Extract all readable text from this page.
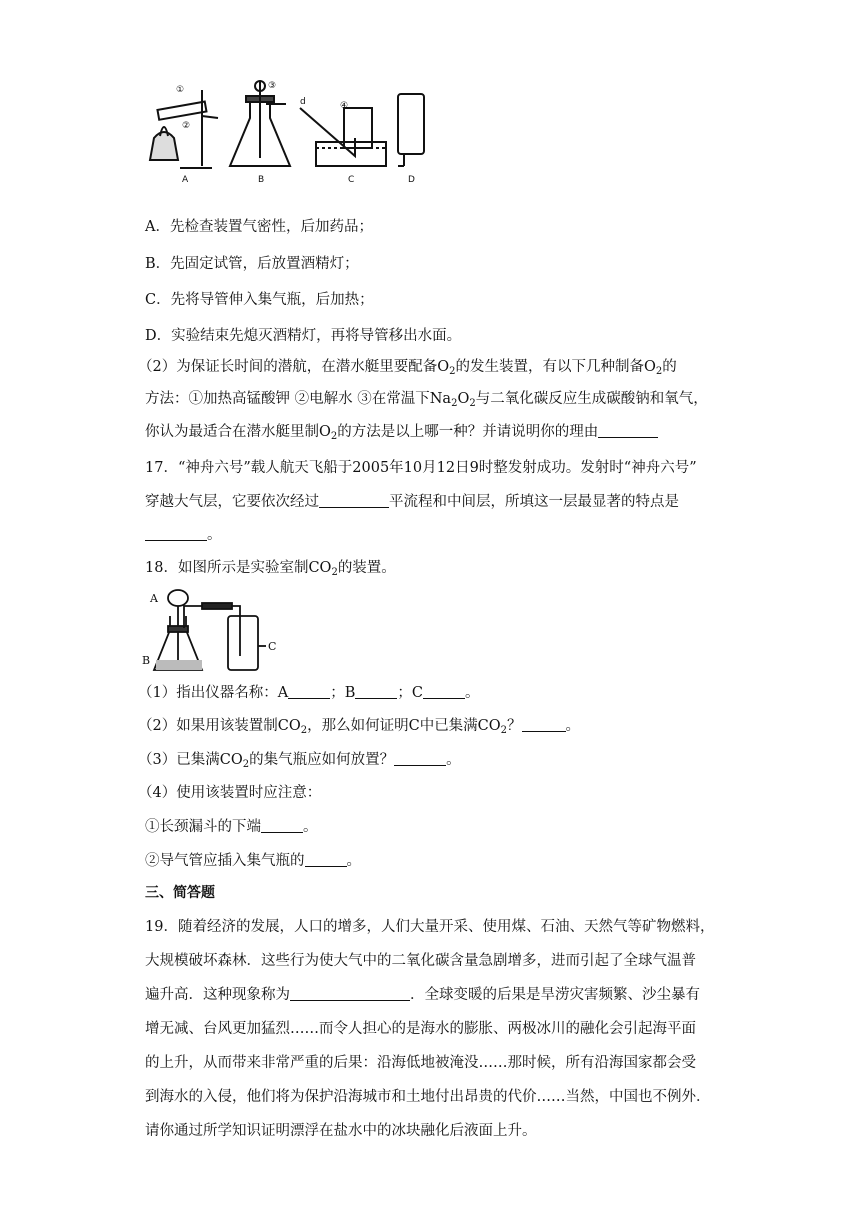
①
②
③
d	④
A	B	C	D
A．先检查装置气密性，后加药品；
B．先固定试管，后放置酒精灯；
C．先将导管伸入集气瓶，后加热；
D．实验结束先熄灭酒精灯，再将导管移出水面。
（2）为保证长时间的潜航，在潜水艇里要配备$O_2$的发生装置，有以下几种制备$O_2$的
方法：①加热高锰酸钾 ②电解水 ③在常温下$Na_2O_2$与二氧化碳反应生成碳酸钠和氧气，
你认为最适合在潜水艇里制$O_2$的方法是以上哪一种？并请说明你的理由
17．“神舟六号”载人航天飞船于2005年10月12日9时整发射成功。发射时“神舟六号”
穿越大气层，它要依次经过	平流程和中间层，所填这一层最显著的特点是
。
18．如图所示是实验室制$CO_2$的装置。
A
B
C
（1）指出仪器名称：A	；B	；C	。
（2）如果用该装置制$CO_2$，那么如何证明C中已集满$CO_2$？	。
（3）已集满$CO_2$的集气瓶应如何放置？	。
（4）使用该装置时应注意：
①长颈漏斗的下端	。
②导气管应插入集气瓶的	。
三、简答题
19．随着经济的发展，人口的增多，人们大量开采、使用煤、石油、天然气等矿物燃料，
大规模破坏森林．这些行为使大气中的二氧化碳含量急剧增多，进而引起了全球气温普
遍升高．这种现象称为	．全球变暖的后果是旱涝灾害频繁、沙尘暴有
增无减、台风更加猛烈……而令人担心的是海水的膨胀、两极冰川的融化会引起海平面
的上升，从而带来非常严重的后果：沿海低地被淹没……那时候，所有沿海国家都会受
到海水的入侵，他们将为保护沿海城市和土地付出昂贵的代价……当然，中国也不例外．
请你通过所学知识证明漂浮在盐水中的冰块融化后液面上升。
